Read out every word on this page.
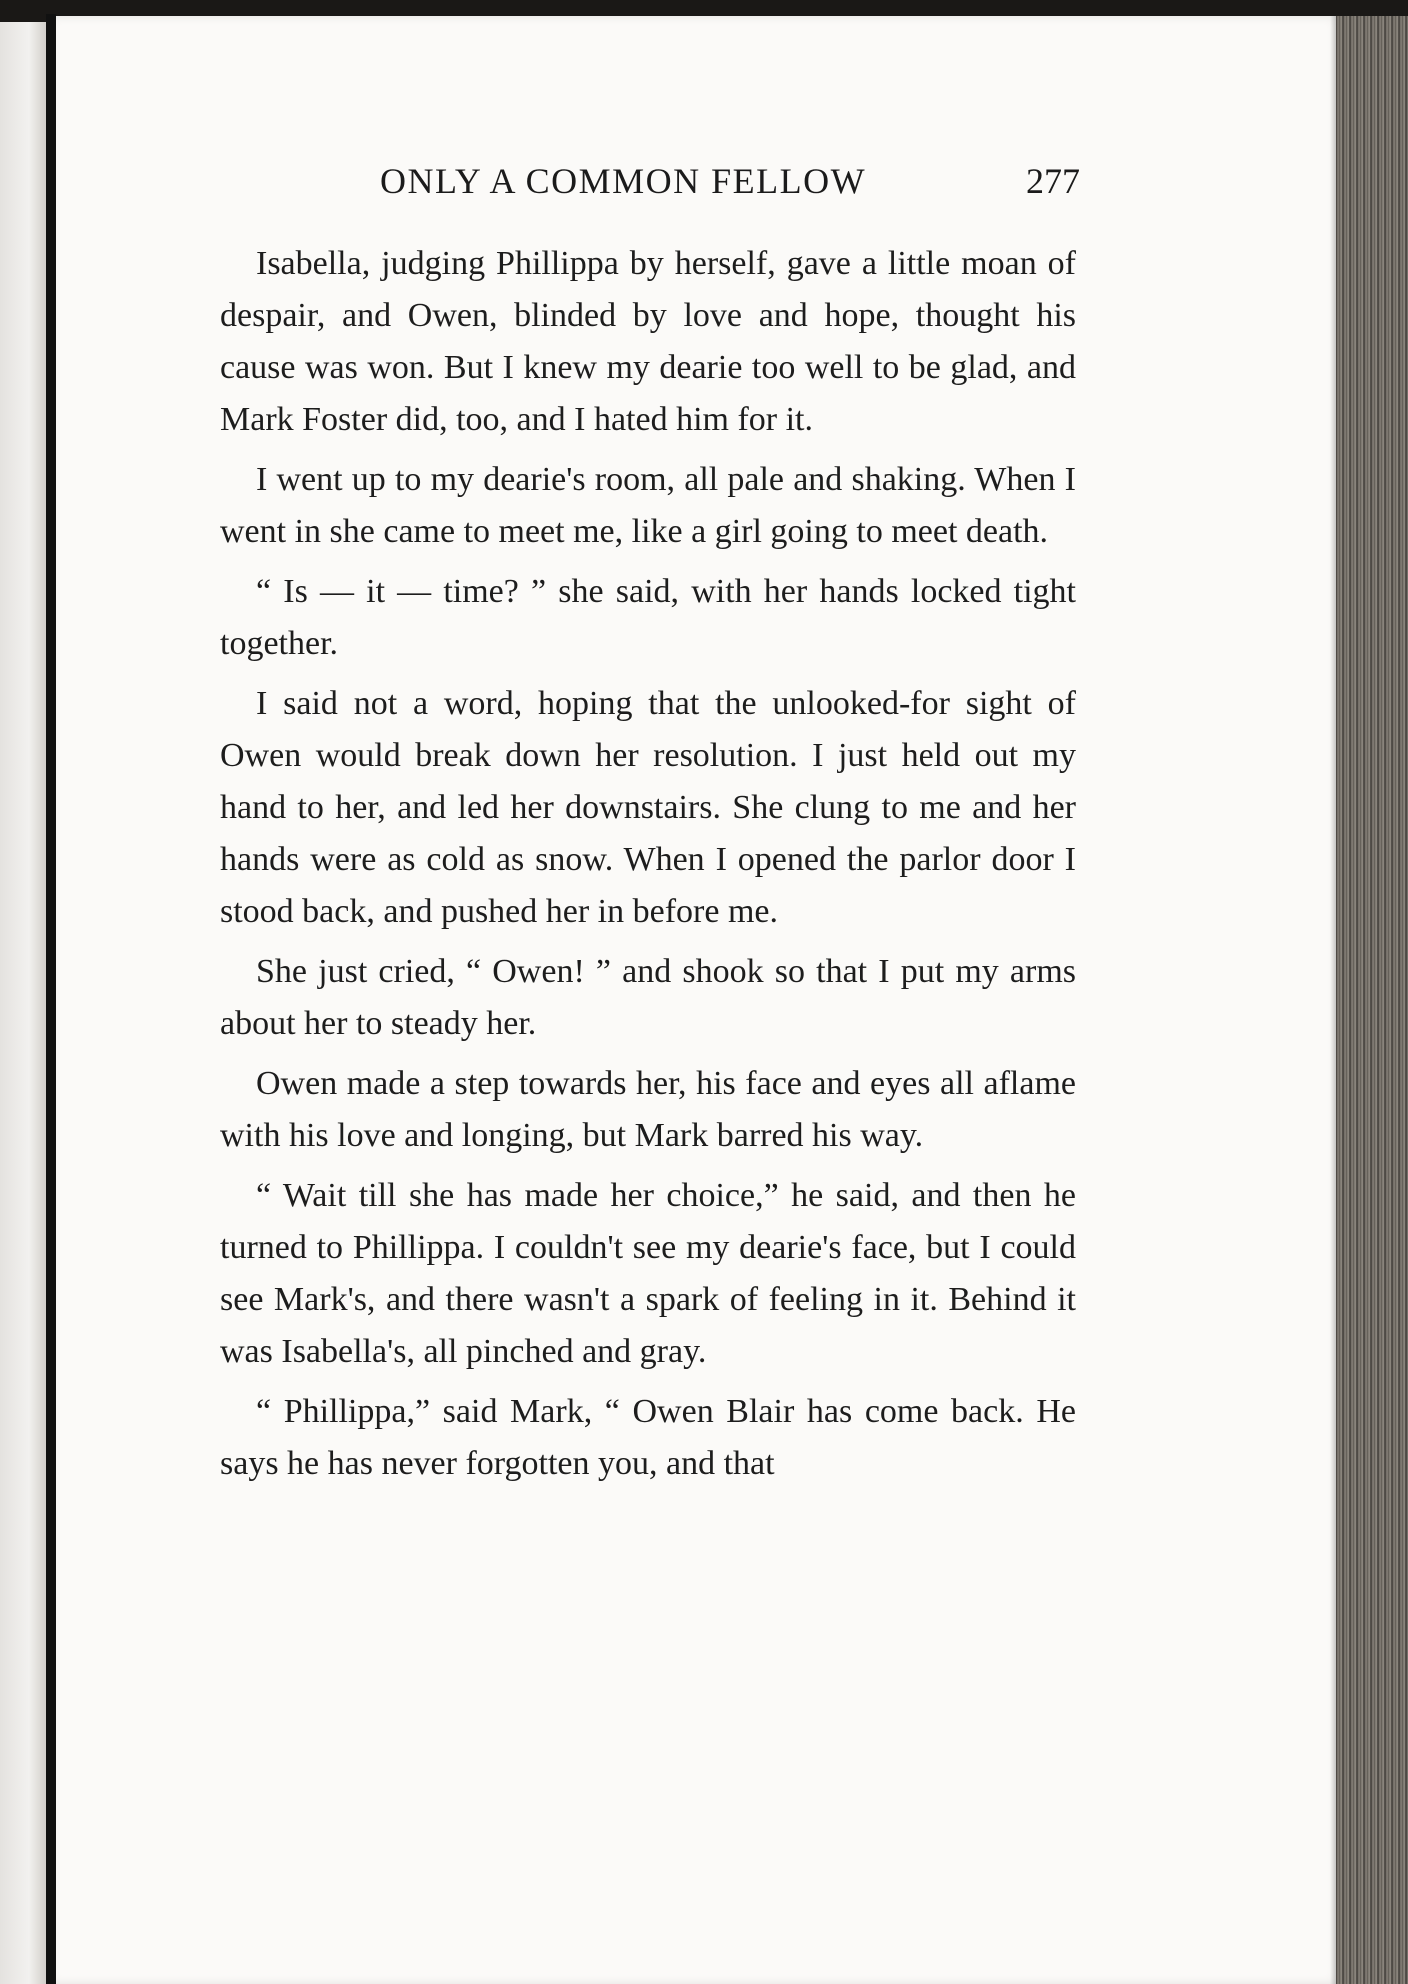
ONLY A COMMON FELLOW	277

Isabella, judging Phillippa by herself, gave a little moan of despair, and Owen, blinded by love and hope, thought his cause was won. But I knew my dearie too well to be glad, and Mark Foster did, too, and I hated him for it.

I went up to my dearie's room, all pale and shaking. When I went in she came to meet me, like a girl going to meet death.

“ Is — it — time? ” she said, with her hands locked tight together.

I said not a word, hoping that the unlooked-for sight of Owen would break down her resolution. I just held out my hand to her, and led her downstairs. She clung to me and her hands were as cold as snow. When I opened the parlor door I stood back, and pushed her in before me.

She just cried, “ Owen! ” and shook so that I put my arms about her to steady her.

Owen made a step towards her, his face and eyes all aflame with his love and longing, but Mark barred his way.

“ Wait till she has made her choice,” he said, and then he turned to Phillippa. I couldn't see my dearie's face, but I could see Mark's, and there wasn't a spark of feeling in it. Behind it was Isabella's, all pinched and gray.

“ Phillippa,” said Mark, “ Owen Blair has come back. He says he has never forgotten you, and that
